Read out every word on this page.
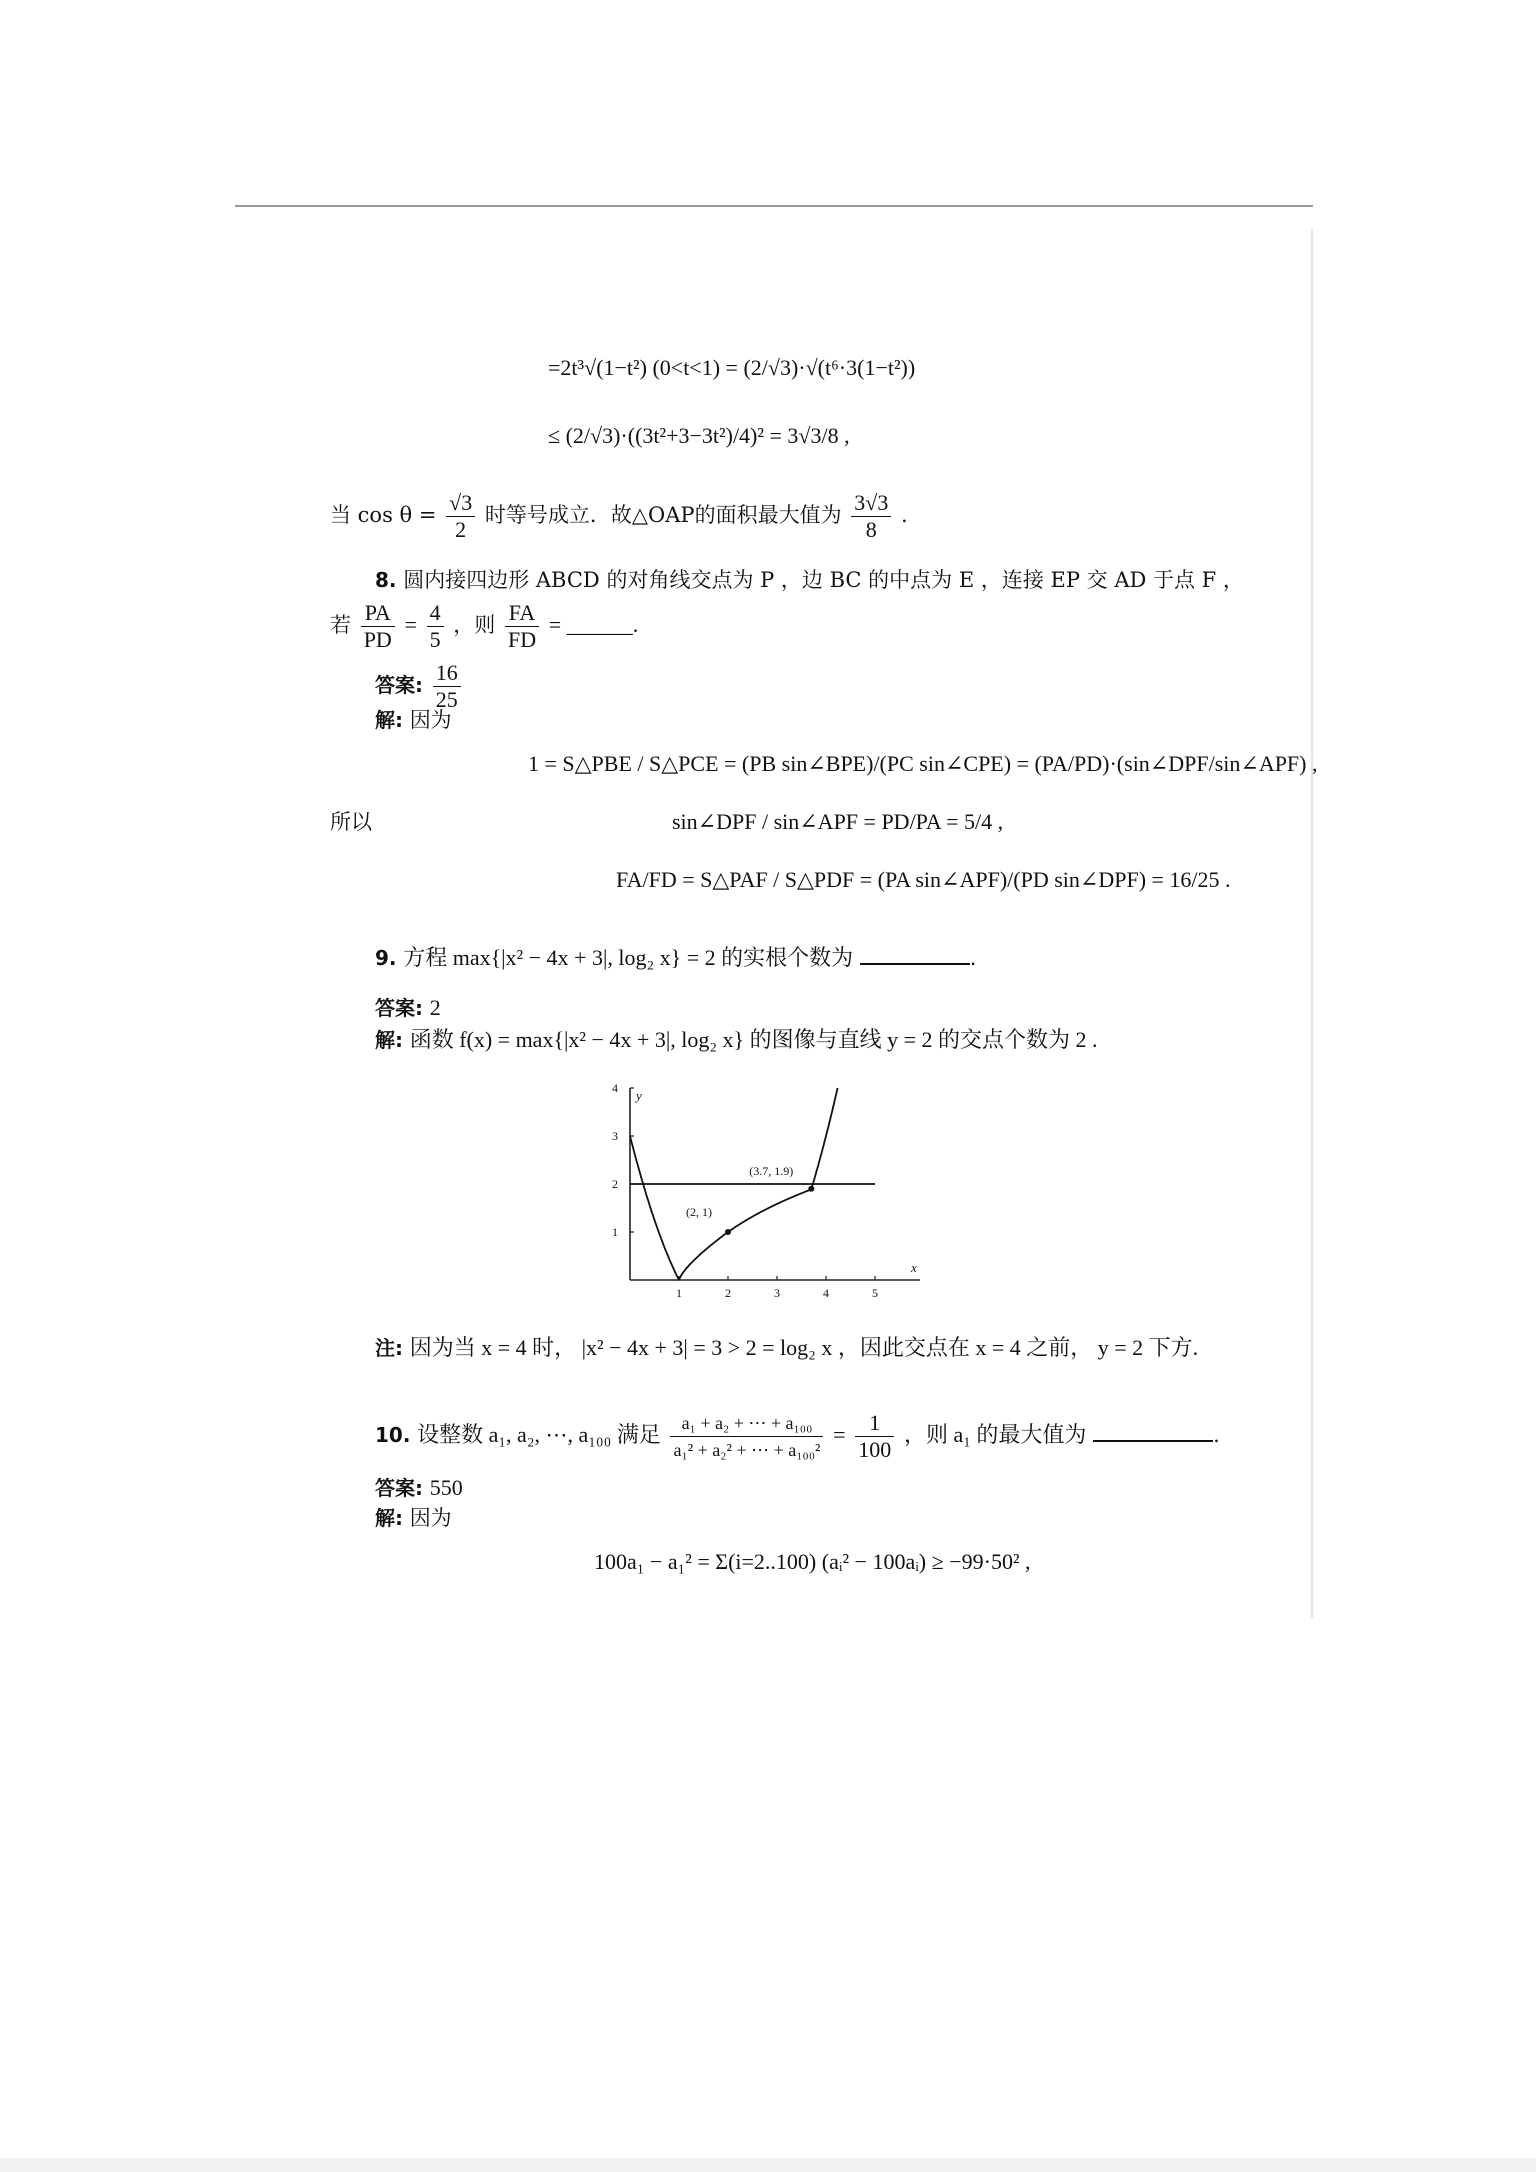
=2t³√(1−t²) (0<t<1) = (2/√3)·√(t⁶·3(1−t²))
≤ (2/√3)·((3t²+3−3t²)/4)² = 3√3/8 ,
当 $\cos \theta = \frac{√3}{2}$ 时等号成立．故△OAP的面积最大值为 $\frac{3√3}{8}$ .
8. 圆内接四边形 ABCD 的对角线交点为 P ，边 BC 的中点为 E ，连接 EP 交 AD 于点 F ，
若 $\frac{PA}{PD} = \frac{4}{5}$ ，则 $\frac{FA}{FD}$ = ______.
答案: $\frac{16}{25}$
解: 因为
1 = S△PBE / S△PCE = (PB sin∠BPE)/(PC sin∠CPE) = (PA/PD)·(sin∠DPF/sin∠APF) ,
所以	sin∠DPF / sin∠APF = PD/PA = 5/4 ,
FA/FD = S△PAF / S△PDF = (PA sin∠APF)/(PD sin∠DPF) = 16/25 .
9. 方程 max{|x² − 4x + 3|, log₂ x} = 2 的实根个数为	.
答案: 2
解: 函数 f(x) = max{|x² − 4x + 3|, log₂ x} 的图像与直线 y = 2 的交点个数为 2 .
x
y
1	2	3	4	5
1
2
3
4
(2, 1)
(3.7, 1.9)
注: 因为当 x = 4 时， |x² − 4x + 3| = 3 > 2 = log₂ x ，因此交点在 x = 4 之前， y = 2 下方.
10. 设整数 a₁, a₂, ⋯, a₁₀₀ 满足 $\frac{\text{a₁ + a₂ + ⋯ + a₁₀₀}}{\text{a₁² + a₂² + ⋯ + a₁₀₀²}} = \frac{1}{100}$ ，则 a₁ 的最大值为	.
答案: 550
解: 因为
100a₁ − a₁² = Σ(i=2..100) (aᵢ² − 100aᵢ) ≥ −99·50² ,
